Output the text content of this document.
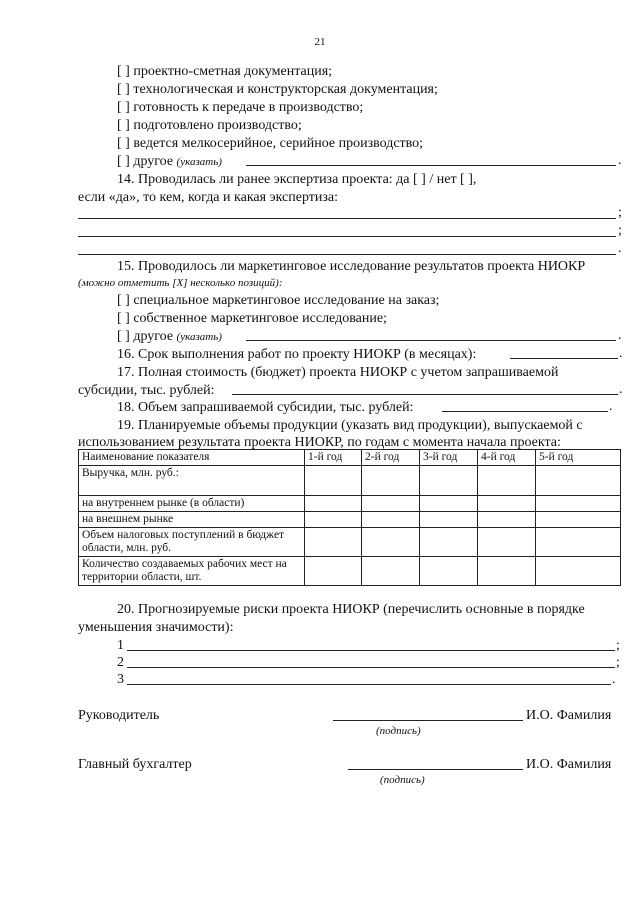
21
[ ] проектно-сметная документация;
[ ] технологическая и конструкторская документация;
[ ] готовность к передаче в производство;
[ ] подготовлено производство;
[ ] ведется мелкосерийное, серийное производство;
[ ] другое (указать)	.
14. Проводилась ли ранее экспертиза проекта: да [ ] / нет [ ],
если «да», то кем, когда и какая экспертиза:
;
;
.
15. Проводилось ли маркетинговое исследование результатов проекта НИОКР
(можно отметить [X] несколько позиций):
[ ] специальное маркетинговое исследование на заказ;
[ ] собственное маркетинговое исследование;
[ ] другое (указать)	.
16. Срок выполнения работ по проекту НИОКР (в месяцах):	.
17. Полная стоимость (бюджет) проекта НИОКР с учетом запрашиваемой
субсидии, тыс. рублей:	.
18. Объем запрашиваемой субсидии, тыс. рублей:	.
19. Планируемые объемы продукции (указать вид продукции), выпускаемой с
использованием результата проекта НИОКР, по годам с момента начала проекта:
Наименование показателя	1-й год	2-й год	3-й год	4-й год	5-й год
Выручка, млн. руб.:					
на внутреннем рынке (в области)					
на внешнем рынке					
Объем налоговых поступлений в бюджет области, млн. руб.					
Количество создаваемых рабочих мест на территории области, шт.					
20. Прогнозируемые риски проекта НИОКР (перечислить основные в порядке
уменьшения значимости):
1	;
2	;
3	.
Руководитель	И.О. Фамилия
(подпись)
Главный бухгалтер	И.О. Фамилия
(подпись)
